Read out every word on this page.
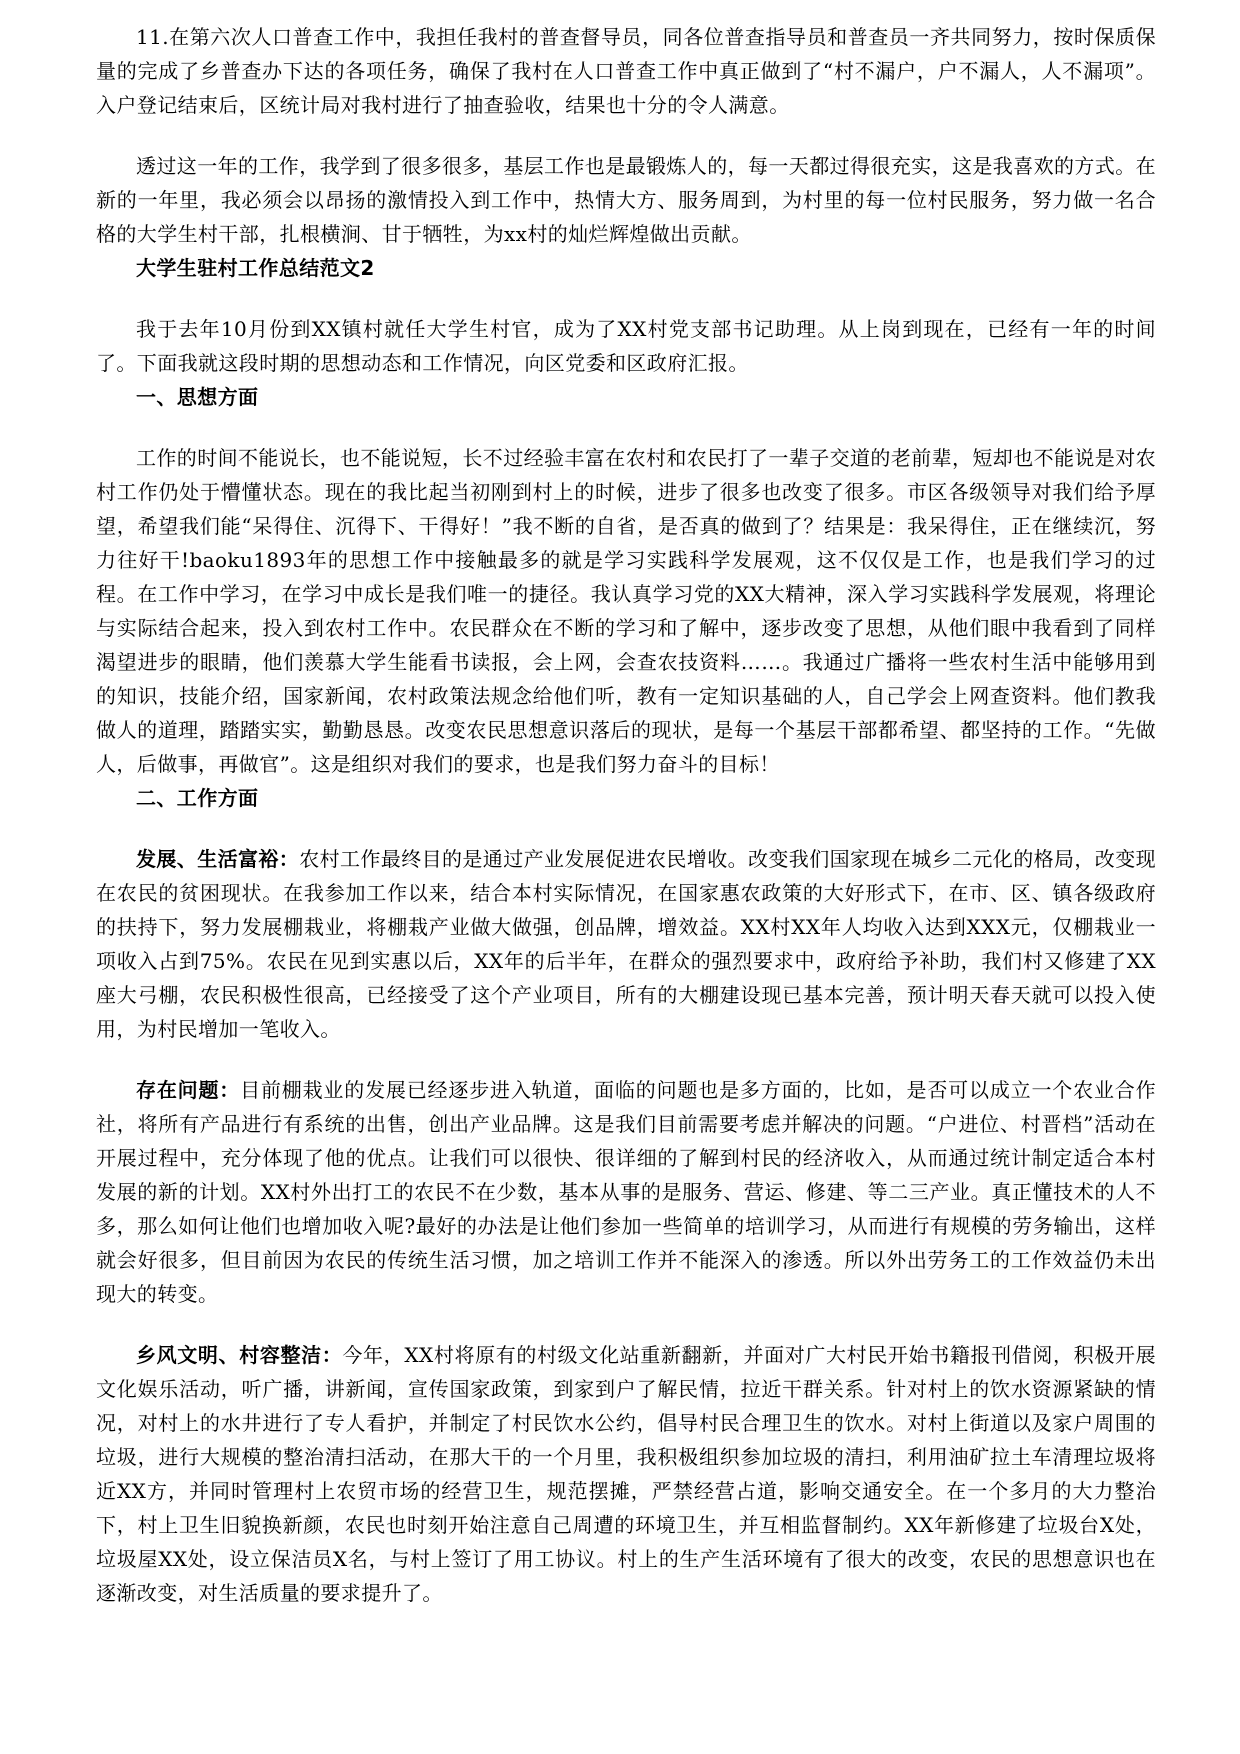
11.在第六次人口普查工作中，我担任我村的普查督导员，同各位普查指导员和普查员一齐共同努力，按时保质保量的完成了乡普查办下达的各项任务，确保了我村在人口普查工作中真正做到了“村不漏户，户不漏人，人不漏项”。入户登记结束后，区统计局对我村进行了抽查验收，结果也十分的令人满意。

透过这一年的工作，我学到了很多很多，基层工作也是最锻炼人的，每一天都过得很充实，这是我喜欢的方式。在新的一年里，我必须会以昂扬的激情投入到工作中，热情大方、服务周到，为村里的每一位村民服务，努力做一名合格的大学生村干部，扎根横涧、甘于牺牲，为xx村的灿烂辉煌做出贡献。

大学生驻村工作总结范文2

我于去年10月份到XX镇村就任大学生村官，成为了XX村党支部书记助理。从上岗到现在，已经有一年的时间了。下面我就这段时期的思想动态和工作情况，向区党委和区政府汇报。

一、思想方面

工作的时间不能说长，也不能说短，长不过经验丰富在农村和农民打了一辈子交道的老前辈，短却也不能说是对农村工作仍处于懵懂状态。现在的我比起当初刚到村上的时候，进步了很多也改变了很多。市区各级领导对我们给予厚望，希望我们能“呆得住、沉得下、干得好！”我不断的自省，是否真的做到了？结果是：我呆得住，正在继续沉，努力往好干!baoku1893年的思想工作中接触最多的就是学习实践科学发展观，这不仅仅是工作，也是我们学习的过程。在工作中学习，在学习中成长是我们唯一的捷径。我认真学习党的XX大精神，深入学习实践科学发展观，将理论与实际结合起来，投入到农村工作中。农民群众在不断的学习和了解中，逐步改变了思想，从他们眼中我看到了同样渴望进步的眼睛，他们羡慕大学生能看书读报，会上网，会查农技资料……。我通过广播将一些农村生活中能够用到的知识，技能介绍，国家新闻，农村政策法规念给他们听，教有一定知识基础的人，自己学会上网查资料。他们教我做人的道理，踏踏实实，勤勤恳恳。改变农民思想意识落后的现状，是每一个基层干部都希望、都坚持的工作。“先做人，后做事，再做官”。这是组织对我们的要求，也是我们努力奋斗的目标！

二、工作方面

发展、生活富裕：农村工作最终目的是通过产业发展促进农民增收。改变我们国家现在城乡二元化的格局，改变现在农民的贫困现状。在我参加工作以来，结合本村实际情况，在国家惠农政策的大好形式下，在市、区、镇各级政府的扶持下，努力发展棚栽业，将棚栽产业做大做强，创品牌，增效益。XX村XX年人均收入达到XXX元，仅棚栽业一项收入占到75%。农民在见到实惠以后，XX年的后半年，在群众的强烈要求中，政府给予补助，我们村又修建了XX座大弓棚，农民积极性很高，已经接受了这个产业项目，所有的大棚建设现已基本完善，预计明天春天就可以投入使用，为村民增加一笔收入。

存在问题：目前棚栽业的发展已经逐步进入轨道，面临的问题也是多方面的，比如，是否可以成立一个农业合作社，将所有产品进行有系统的出售，创出产业品牌。这是我们目前需要考虑并解决的问题。“户进位、村晋档”活动在开展过程中，充分体现了他的优点。让我们可以很快、很详细的了解到村民的经济收入，从而通过统计制定适合本村发展的新的计划。XX村外出打工的农民不在少数，基本从事的是服务、营运、修建、等二三产业。真正懂技术的人不多，那么如何让他们也增加收入呢?最好的办法是让他们参加一些简单的培训学习，从而进行有规模的劳务输出，这样就会好很多，但目前因为农民的传统生活习惯，加之培训工作并不能深入的渗透。所以外出劳务工的工作效益仍未出现大的转变。

乡风文明、村容整洁：今年，XX村将原有的村级文化站重新翻新，并面对广大村民开始书籍报刊借阅，积极开展文化娱乐活动，听广播，讲新闻，宣传国家政策，到家到户了解民情，拉近干群关系。针对村上的饮水资源紧缺的情况，对村上的水井进行了专人看护，并制定了村民饮水公约，倡导村民合理卫生的饮水。对村上街道以及家户周围的垃圾，进行大规模的整治清扫活动，在那大干的一个月里，我积极组织参加垃圾的清扫，利用油矿拉土车清理垃圾将近XX方，并同时管理村上农贸市场的经营卫生，规范摆摊，严禁经营占道，影响交通安全。在一个多月的大力整治下，村上卫生旧貌换新颜，农民也时刻开始注意自己周遭的环境卫生，并互相监督制约。XX年新修建了垃圾台X处，垃圾屋XX处，设立保洁员X名，与村上签订了用工协议。村上的生产生活环境有了很大的改变，农民的思想意识也在逐渐改变，对生活质量的要求提升了。
